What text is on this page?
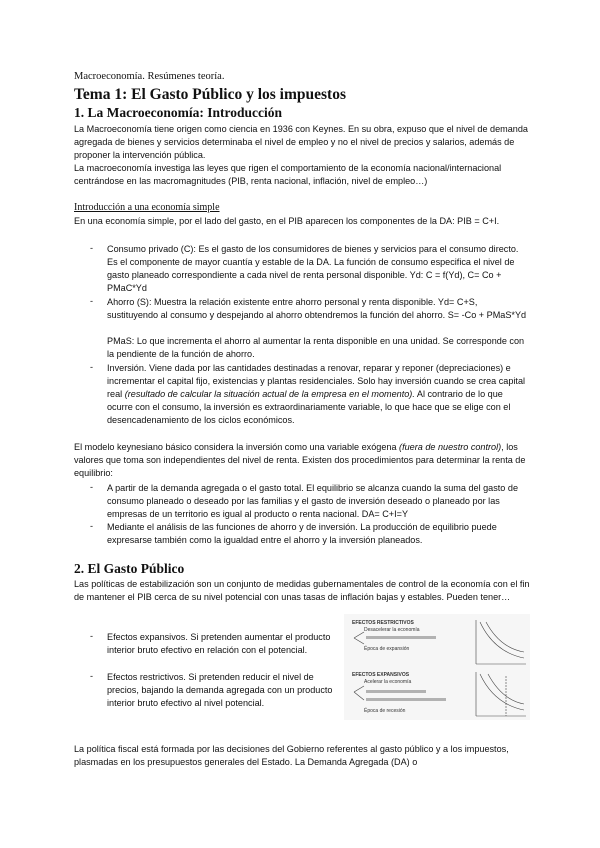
Macroeconomía. Resúmenes teoría.
Tema 1: El Gasto Público y los impuestos
1. La Macroeconomía: Introducción
La Macroeconomía tiene origen como ciencia en 1936 con Keynes. En su obra, expuso que el nivel de demanda agregada de bienes y servicios determinaba el nivel de empleo y no el nivel de precios y salarios, además de proponer la intervención pública.
La macroeconomía investiga las leyes que rigen el comportamiento de la economía nacional/internacional centrándose en las macromagnitudes (PIB, renta nacional, inflación, nivel de empleo…)
Introducción a una economía simple
En una economía simple, por el lado del gasto, en el PIB aparecen los componentes de la DA: PIB = C+I.
- Consumo privado (C): Es el gasto de los consumidores de bienes y servicios para el consumo directo. Es el componente de mayor cuantía y estable de la DA. La función de consumo especifica el nivel de gasto planeado correspondiente a cada nivel de renta personal disponible. Yd: C = f(Yd), C= Co + PMaC*Yd
- Ahorro (S): Muestra la relación existente entre ahorro personal y renta disponible. Yd= C+S, sustituyendo al consumo y despejando al ahorro obtendremos la función del ahorro. S= -Co + PMaS*Yd
PMaS: Lo que incrementa el ahorro al aumentar la renta disponible en una unidad. Se corresponde con la pendiente de la función de ahorro.
- Inversión. Viene dada por las cantidades destinadas a renovar, reparar y reponer (depreciaciones) e incrementar el capital fijo, existencias y plantas residenciales. Solo hay inversión cuando se crea capital real (resultado de calcular la situación actual de la empresa en el momento). Al contrario de lo que ocurre con el consumo, la inversión es extraordinariamente variable, lo que hace que se elige con el desencadenamiento de los ciclos económicos.
El modelo keynesiano básico considera la inversión como una variable exógena (fuera de nuestro control), los valores que toma son independientes del nivel de renta. Existen dos procedimientos para determinar la renta de equilibrio:
- A partir de la demanda agregada o el gasto total. El equilibrio se alcanza cuando la suma del gasto de consumo planeado o deseado por las familias y el gasto de inversión deseado o planeado por las empresas de un territorio es igual al producto o renta nacional. DA= C+I=Y
- Mediante el análisis de las funciones de ahorro y de inversión. La producción de equilibrio puede expresarse también como la igualdad entre el ahorro y la inversión planeados.
2. El Gasto Público
Las políticas de estabilización son un conjunto de medidas gubernamentales de control de la economía con el fin de mantener el PIB cerca de su nivel potencial con unas tasas de inflación bajas y estables. Pueden tener…
- Efectos expansivos. Si pretenden aumentar el producto interior bruto efectivo en relación con el potencial.
- Efectos restrictivos. Si pretenden reducir el nivel de precios, bajando la demanda agregada con un producto interior bruto efectivo al nivel potencial.
EFECTOS RESTRICTIVOS
Desacelerar la economía
Época de expansión
EFECTOS EXPANSIVOS
Acelerar la economía
Época de recesión
La política fiscal está formada por las decisiones del Gobierno referentes al gasto público y a los impuestos, plasmadas en los presupuestos generales del Estado. La Demanda Agregada (DA) o
